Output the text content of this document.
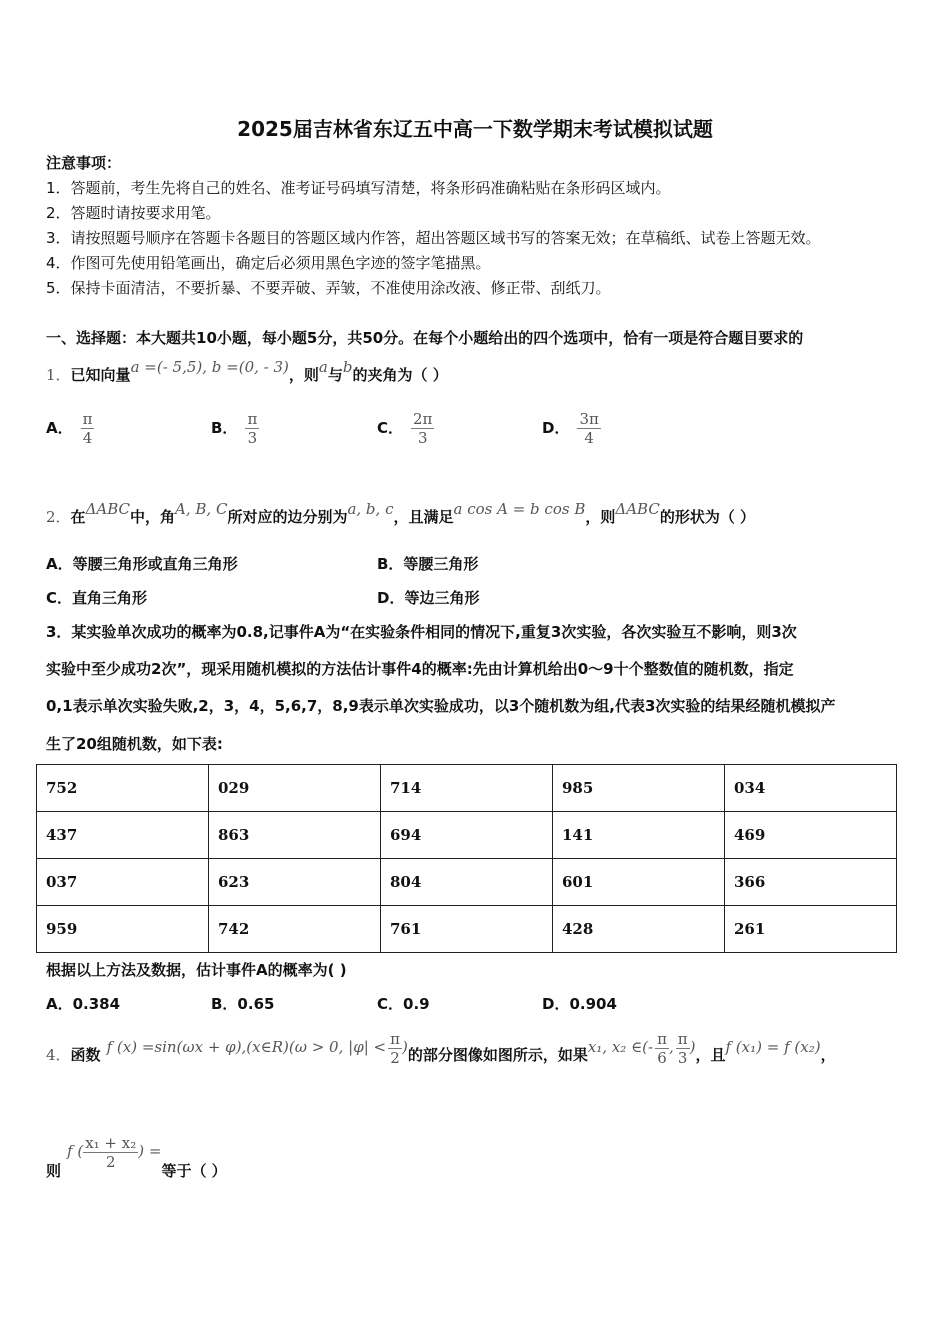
2025届吉林省东辽五中高一下数学期末考试模拟试题
注意事项：
1．答题前，考生先将自己的姓名、准考证号码填写清楚，将条形码准确粘贴在条形码区域内。
2．答题时请按要求用笔。
3．请按照题号顺序在答题卡各题目的答题区域内作答，超出答题区域书写的答案无效；在草稿纸、试卷上答题无效。
4．作图可先使用铅笔画出，确定后必须用黑色字迹的签字笔描黑。
5．保持卡面清洁，不要折暴、不要弄破、弄皱，不准使用涂改液、修正带、刮纸刀。
一、选择题：本大题共10小题，每小题5分，共50分。在每个小题给出的四个选项中，恰有一项是符合题目要求的
1．已知向量a =(- 5,5), b =(0, - 3)，则a与b的夹角为（ ）
A． $\frac{\pi}{4}$	B． $\frac{\pi}{3}$	C． $\frac{2\pi}{3}$	D． $\frac{3\pi}{4}$
2．在ΔABC中，角A, B, C所对应的边分别为a, b, c，且满足a cos A = b cos B，则ΔABC的形状为（ ）
A．等腰三角形或直角三角形	B．等腰三角形
C．直角三角形	D．等边三角形
3．某实验单次成功的概率为0.8,记事件A为“在实验条件相同的情况下,重复3次实验，各次实验互不影响，则3次
实验中至少成功2次”，现采用随机模拟的方法估计事件4的概率:先由计算机给出0～9十个整数值的随机数，指定
0,1表示单次实验失败,2，3，4，5,6,7，8,9表示单次实验成功，以3个随机数为组,代表3次实验的结果经随机模拟产
生了20组随机数，如下表:
752	029	714	985	034
437	863	694	141	469
037	623	804	601	366
959	742	761	428	261
根据以上方法及数据，估计事件A的概率为( )
A．0.384	B．0.65	C．0.9	D．0.904
4． 函数 f (x) =sin(ωx + φ),(x∈R)(ω > 0, $|\varphi| < \frac{\pi}{2}$ ) 的部分图像如图所示，如果 x₁, x₂ ∈(- $\frac{\pi}{6}$ , $\frac{\pi}{3}$ ) ，且 f (x₁) = f (x₂) ，
则
f ( $\frac{\text{x₁ + x₂}}{2}$ ) =
等于（ ）
